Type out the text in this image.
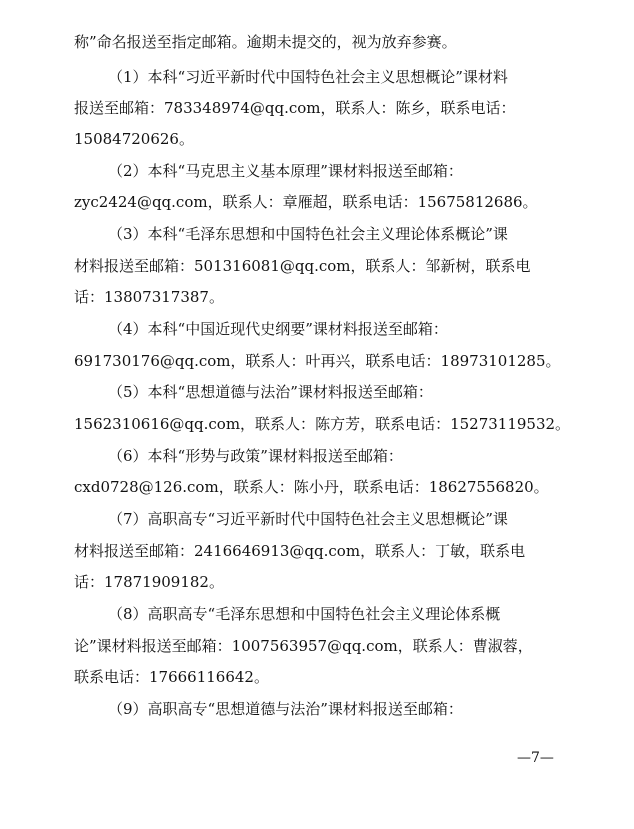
称”命名报送至指定邮箱。逾期未提交的，视为放弃参赛。
（1）本科“习近平新时代中国特色社会主义思想概论”课材料
报送至邮箱：783348974@qq.com，联系人：陈乡，联系电话：
15084720626。
（2）本科“马克思主义基本原理”课材料报送至邮箱：
zyc2424@qq.com，联系人：章雁超，联系电话：15675812686。
（3）本科“毛泽东思想和中国特色社会主义理论体系概论”课
材料报送至邮箱：501316081@qq.com，联系人：邹新树，联系电
话：13807317387。
（4）本科“中国近现代史纲要”课材料报送至邮箱：
691730176@qq.com，联系人：叶再兴，联系电话：18973101285。
（5）本科“思想道德与法治”课材料报送至邮箱：
1562310616@qq.com，联系人：陈方芳，联系电话：15273119532。
（6）本科“形势与政策”课材料报送至邮箱：
cxd0728@126.com，联系人：陈小丹，联系电话：18627556820。
（7）高职高专“习近平新时代中国特色社会主义思想概论”课
材料报送至邮箱：2416646913@qq.com，联系人：丁敏，联系电
话：17871909182。
（8）高职高专“毛泽东思想和中国特色社会主义理论体系概
论”课材料报送至邮箱：1007563957@qq.com，联系人：曹淑蓉，
联系电话：17666116642。
（9）高职高专“思想道德与法治”课材料报送至邮箱：
—7—
